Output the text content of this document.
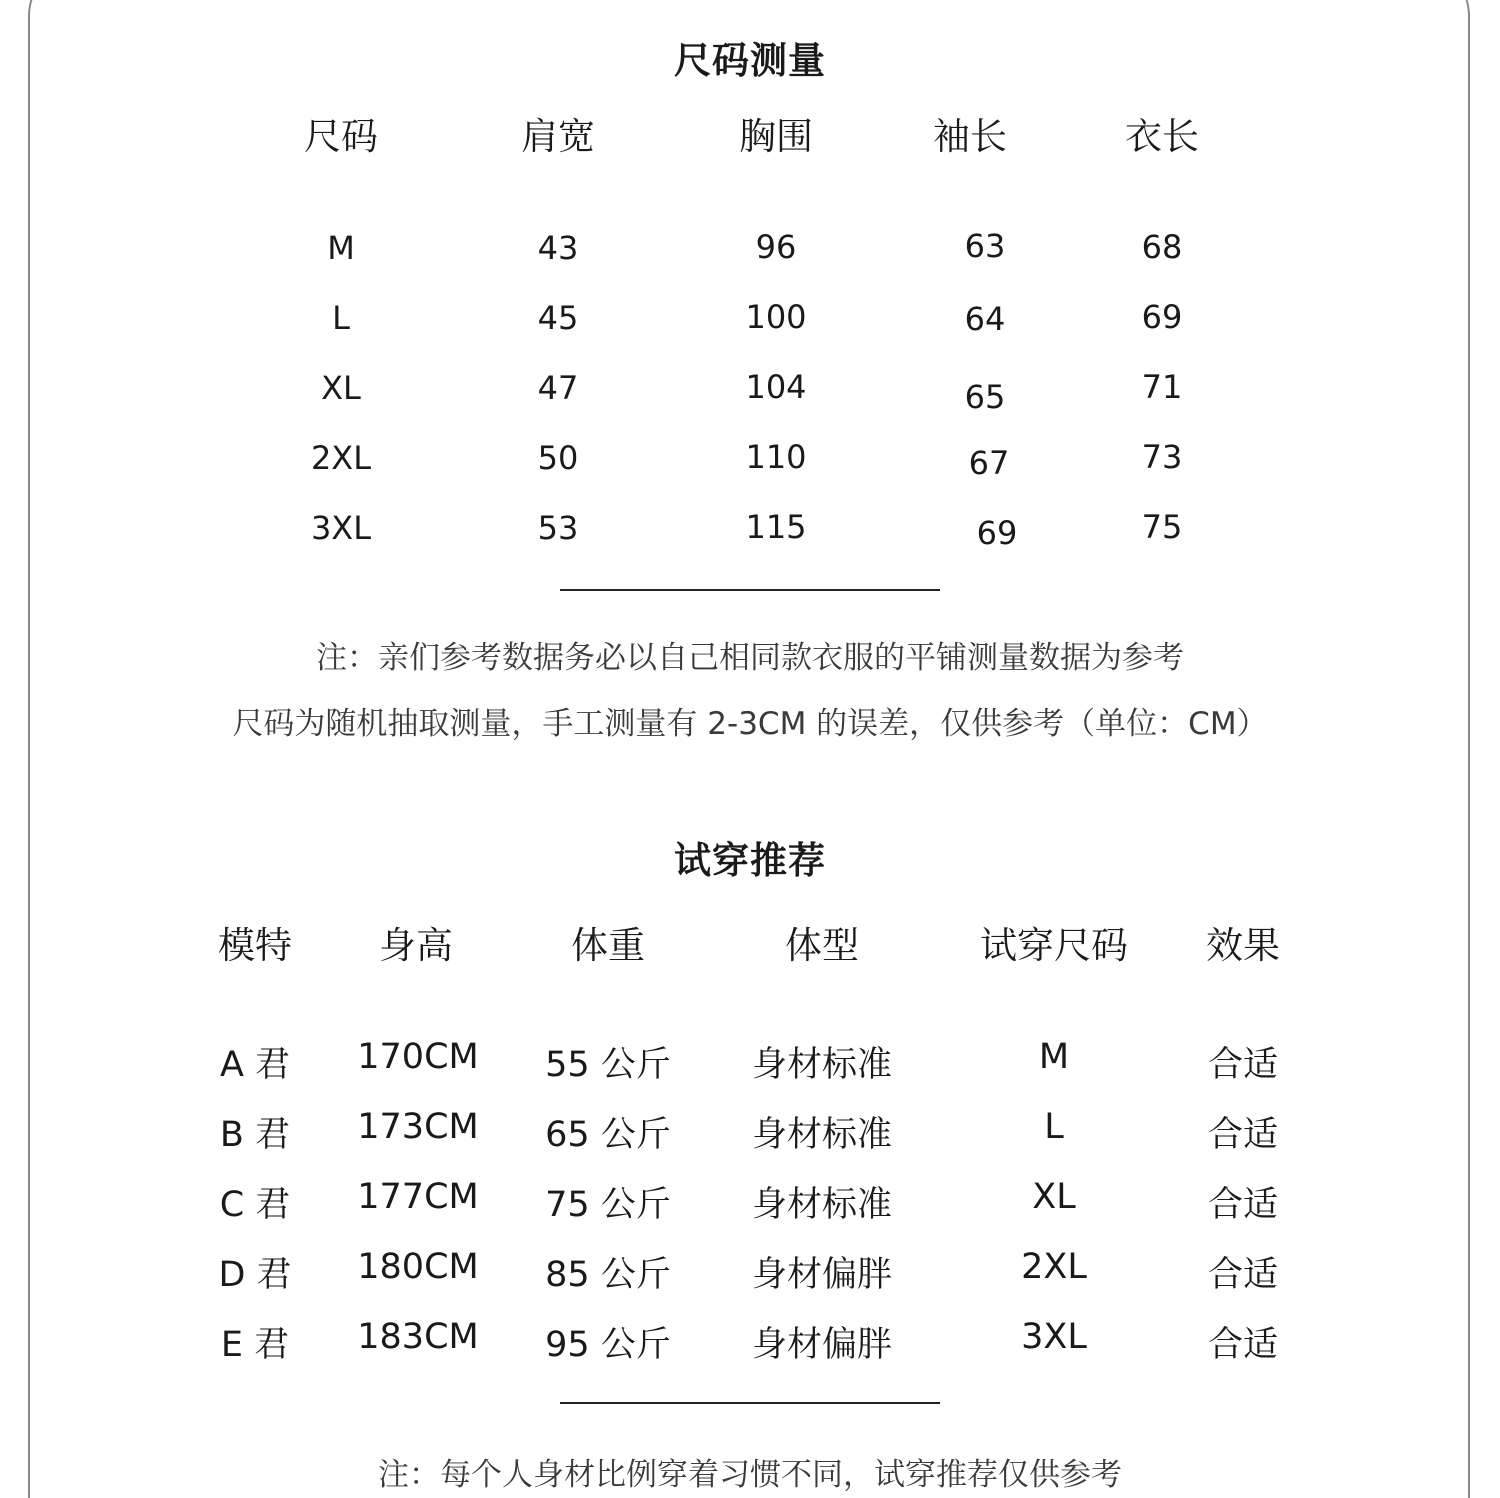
尺码测量
尺码	肩宽	胸围	袖长	衣长
M	43	96	63	68
L	45	100	64	69
XL	47	104	65	71
2XL	50	110	67	73
3XL	53	115	69	75
注：亲们参考数据务必以自己相同款衣服的平铺测量数据为参考
尺码为随机抽取测量，手工测量有 2-3CM 的误差，仅供参考（单位：CM）
试穿推荐
模特	身高	体重	体型	试穿尺码	效果
A 君	170CM	55 公斤	身材标准	M	合适
B 君	173CM	65 公斤	身材标准	L	合适
C 君	177CM	75 公斤	身材标准	XL	合适
D 君	180CM	85 公斤	身材偏胖	2XL	合适
E 君	183CM	95 公斤	身材偏胖	3XL	合适
注：每个人身材比例穿着习惯不同，试穿推荐仅供参考
